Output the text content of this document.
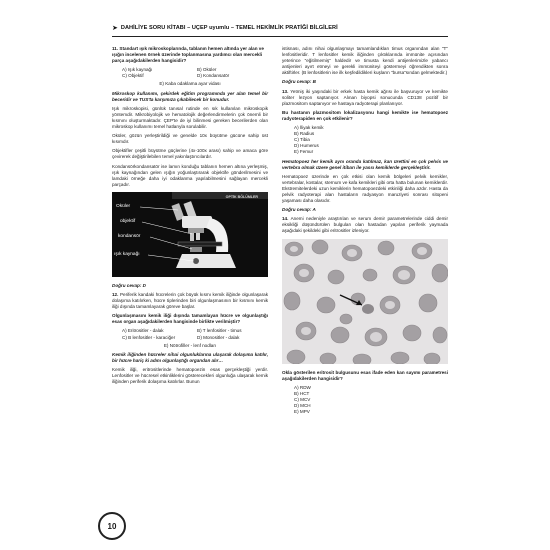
➤ DAHİLİYE SORU KİTABI – UÇEP uyumlu – TEMEL HEKİMLİK PRATİĞİ BİLGİLERİ

11. Standart ışık mikroskoplarında, tablanın hemen altında yer alan ve ışığın incelenen örnek üzerinde toplanmasına yardımcı olan mercekli parça aşağıdakilerden hangisidir?

A) Işık kaynağı	B) Oküler
C) Objektif	D) Kondansatör
E) Kaba odaklama ayar vidası

Mikroskop kullanımı, çekirdek eğitim programında yer alan temel bir beceridir ve TUS'ta karşımıza çıkabilecek bir konudur.

Işık mikroskopisi, günlük tanısal rutinde en sık kullanılan mikroskopik yöntemdir. Mikrobiyolojik ve hematolojik değerlendirmelerin çok önemli bir kısmını oluşturmaktadır. ÇEP'te de iyi bilinmesi gereken becerilerden olan mikroskop kullanımı temel hatlarıyla sorulabilir.

Oküler, gözün yerleştirildiği ve genelde 10x büyütme gücüne sahip üst kısımdır.

Objektifler çeşitli büyütme güçlerine (4x-100x arası) sahip ve amaca göre çevirerek değiştirilebilen temel yakınlaştırıcılardır.

Kondansörkondansatör ise lamın konduğu tablanın hemen altına yerleşmiş, ışık kaynağından gelen ışığın yoğunlaştırarak objektife gönderilmesini ve lamdaki örneğe daha iyi odaklanma yapılabilmesini sağlayan mercekli parçadır.

OPTİK BÖLÜMLER
Oküler
objektif
kondansör
ışık kaynağı

Doğru cevap: D

12. Periferik kandaki hücrelerin çok büyük kısmı kemik iliğinde olgunlaşarak dolaşıma katılırken, hücre tiplerinden biri olgunlaşmasının bir kısmını kemik iliği dışında tamamlayarak göreve başlar.

Olgunlaşmasını kemik iliği dışında tamamlayan hücre ve olgunlaştığı esas organ aşağıdakilerden hangisinde birlikte verilmiştir?

A) Eritrositler - dalak	B) T lenfositler - timus
C) B lenfositler - karaciğer	D) Monositler - dalak
E) Nötrofiller - lenf nodları

Kemik iliğinden hücreler nihai olgunluklarına ulaşarak dolaşıma katılır, bir hücre hariç ki adını olgunlaştığı organdan alır…

Kemik iliği, eritrositlerinde hematopoezin esas gerçekleştiği yerdir. Lenfositler ve hücresel etkinliklerini gösterecekleri olgunluğa ulaşarak kemik iliğinden periferik dolaşıma katılırlar. Bunun

istisnası, adını nihai olgunlaşmayı tamamlandıkları timus organından alan "T" lenfositleridir. T lenfositler kemik iliğinden çıktıklarında immünite açısından yeterince "eğitilmemiş" haldedir ve timusta kendi antijenlerimizle yabancı antijenleri ayırt etmeyi ve gerekli immüniteyi göstermeyi öğrendikten sonra aktiftirler. (B lenfositlerin ise ilk keşfedildikleri kuşların "bursa"sından gelmektedir.)

Doğru cevap: B

13. Yetmiş iki yaşındaki bir erkek hasta kemik ağrısı ile başvuruyor ve kemikte soliter lezyon saptanıyor. Alınan biyopsi sonucunda CD138 pozitif bir plazmositom saptanıyor ve hastaya radyoterapi planlanıyor.

Bu hastanın plazmositom lokalizasyonu hangi kemikte ise hematopoez radyoterapiden en çok etkilenir?

A) İliyak kemik
B) Radius
C) Tibia
D) Humerus
E) Femur

Hematopoez her kemik aynı oranda katılmaz, kan ürettini en çok pelvis ve vertebra olmak üzere genel itibarı ile yassı kemiklerde gerçekleştirir.

Hematopoez üzerinde en çok etkisi olan kemik bölgeleri pelvik kemikler, vertebralar, kostalar, sternum ve kafa kemikleri gibi orta hatta bulunan kemiklerdir. Ekstremitelerdeki uzun kemiklerin hematopoezdeki etkinliği daha azdır. Hasta da pelvik radyoterapi alan hastaların radyasyon maruziyeti sonrası sitopeni yaşaması daha olasıdır.

Doğru cevap: A

14. Anemi nedeniyle araştırılan ve serum demir parametrelerinde ciddi demir eksikliği düşündürülen bulguları olan hastadan yapılan periferik yaymada aşağıdaki şekildeki gibi eritrositler izleniyor.

Okla gösterilen eritrosit bulgusunu esas ifade eden kan sayımı parametresi aşağıdakilerden hangisidir?

A) RDW
B) HCT
C) MCV
D) MCH
E) MPV
10
